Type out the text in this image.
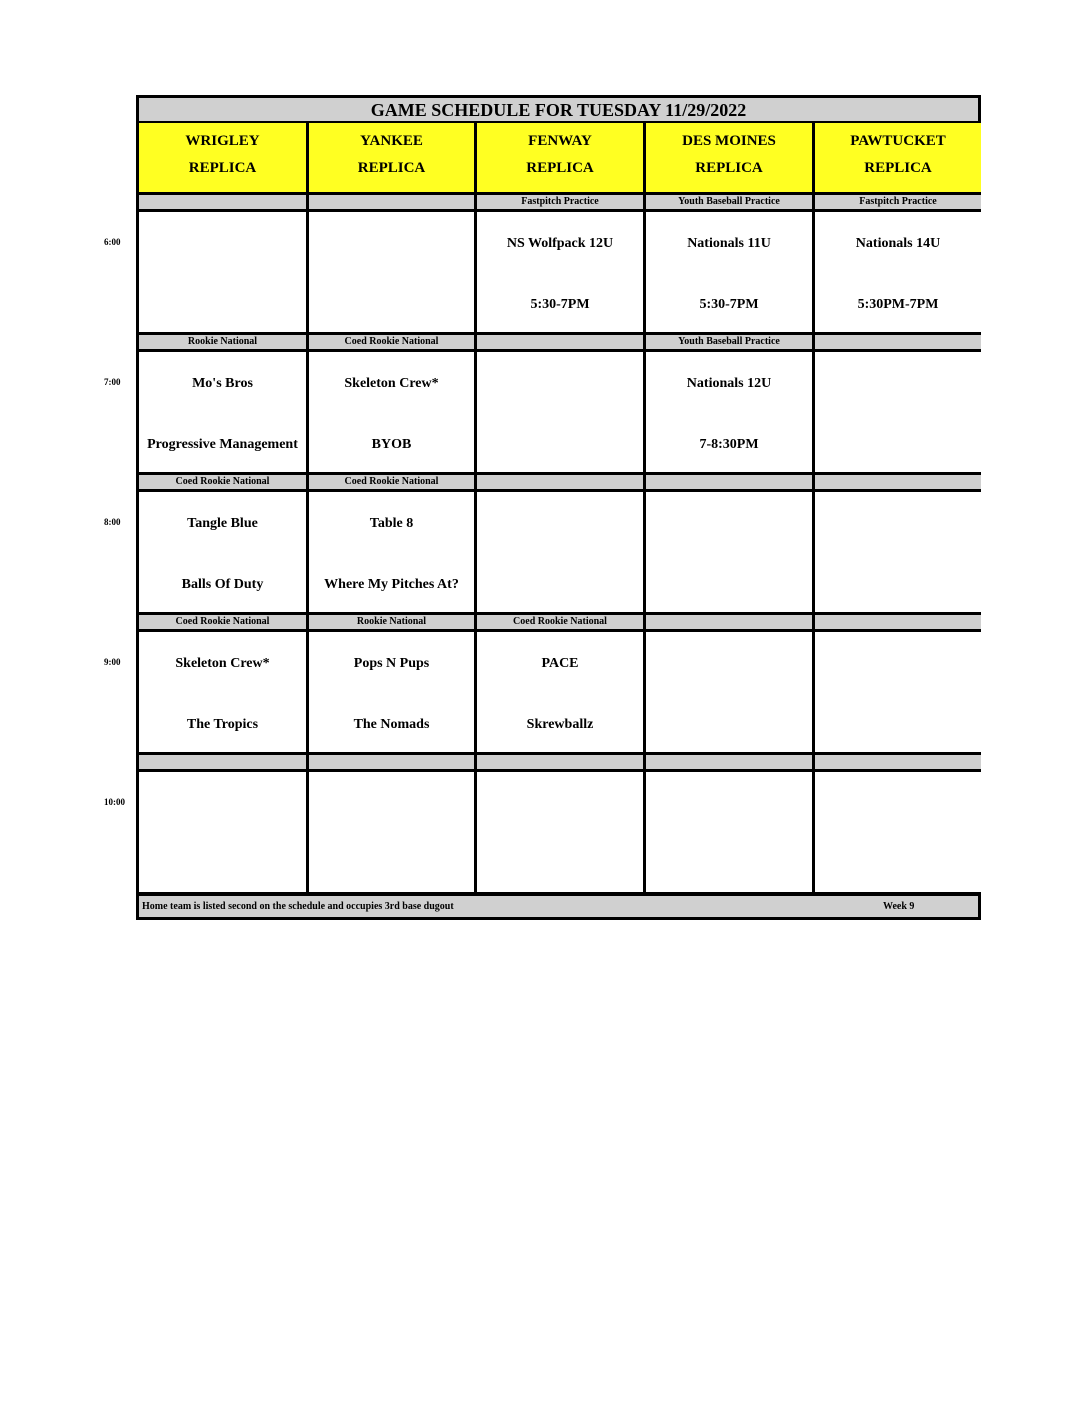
GAME SCHEDULE FOR TUESDAY 11/29/2022
WRIGLEY
REPLICA
YANKEE
REPLICA
FENWAY
REPLICA
DES MOINES
REPLICA
PAWTUCKET
REPLICA
Fastpitch Practice
NS Wolfpack 12U
5:30-7PM
Youth Baseball Practice
Nationals 11U
5:30-7PM
Fastpitch Practice
Nationals 14U
5:30PM-7PM
Rookie National
Mo's Bros
Progressive Management
Coed Rookie National
Skeleton Crew*
BYOB
Youth Baseball Practice
Nationals 12U
7-8:30PM
Coed Rookie National
Tangle Blue
Balls Of Duty
Coed Rookie National
Table 8
Where My Pitches At?
Coed Rookie National
Skeleton Crew*
The Tropics
Rookie National
Pops N Pups
The Nomads
Coed Rookie National
PACE
Skrewballz
Home team is listed second on the schedule and occupies 3rd base dugout	Week 9
6:00
7:00
8:00
9:00
10:00
